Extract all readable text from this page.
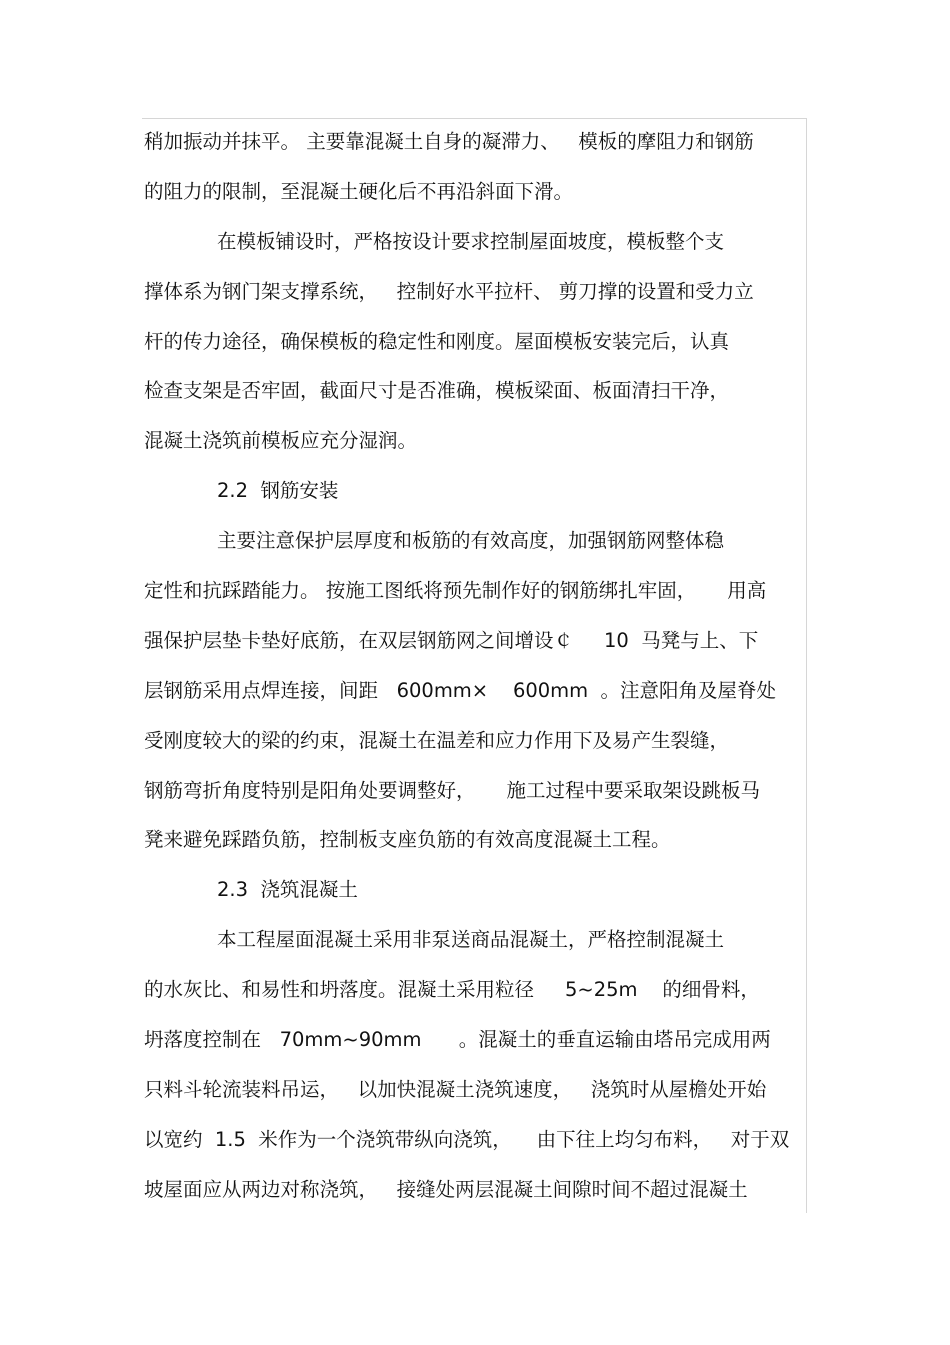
稍加振动并抹平。 主要靠混凝土自身的凝滞力、   模板的摩阻力和钢筋
的阻力的限制，至混凝土硬化后不再沿斜面下滑。
在模板铺设时，严格按设计要求控制屋面坡度，模板整个支
撑体系为钢门架支撑系统，   控制好水平拉杆、 剪刀撑的设置和受力立
杆的传力途径，确保模板的稳定性和刚度。屋面模板安装完后，认真
检查支架是否牢固，截面尺寸是否准确，模板梁面、板面清扫干净，
混凝土浇筑前模板应充分湿润。
2.2  钢筋安装
主要注意保护层厚度和板筋的有效高度，加强钢筋网整体稳
定性和抗踩踏能力。 按施工图纸将预先制作好的钢筋绑扎牢固，     用高
强保护层垫卡垫好底筋，在双层钢筋网之间增设￠     10  马凳与上、下
层钢筋采用点焊连接，间距   600mm×    600mm  。注意阳角及屋脊处
受刚度较大的梁的约束，混凝土在温差和应力作用下及易产生裂缝，
钢筋弯折角度特别是阳角处要调整好，     施工过程中要采取架设跳板马
凳来避免踩踏负筋，控制板支座负筋的有效高度混凝土工程。
2.3  浇筑混凝土
本工程屋面混凝土采用非泵送商品混凝土，严格控制混凝土
的水灰比、和易性和坍落度。混凝土采用粒径     5~25m    的细骨料，
坍落度控制在   70mm~90mm      。混凝土的垂直运输由塔吊完成用两
只料斗轮流装料吊运，   以加快混凝土浇筑速度，   浇筑时从屋檐处开始
以宽约  1.5  米作为一个浇筑带纵向浇筑，    由下往上均匀布料，   对于双
坡屋面应从两边对称浇筑，   接缝处两层混凝土间隙时间不超过混凝土
